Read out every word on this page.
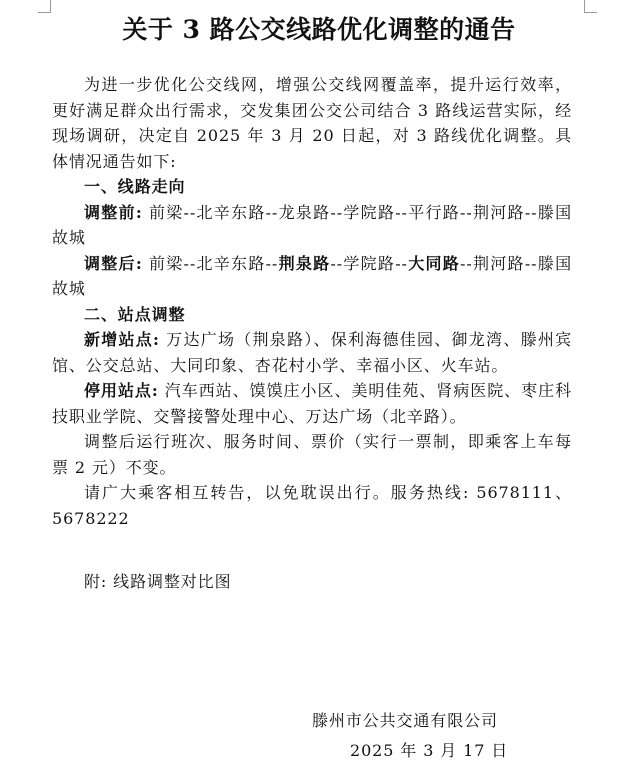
关于 3 路公交线路优化调整的通告

为进一步优化公交线网，增强公交线网覆盖率，提升运行效率，更好满足群众出行需求，交发集团公交公司结合 3 路线运营实际，经现场调研，决定自 2025 年 3 月 20 日起，对 3 路线优化调整。具体情况通告如下:

一、线路走向

调整前: 前梁--北辛东路--龙泉路--学院路--平行路--荆河路--滕国故城

调整后: 前梁--北辛东路--荆泉路--学院路--大同路--荆河路--滕国故城

二、站点调整

新增站点: 万达广场（荆泉路）、保利海德佳园、御龙湾、滕州宾馆、公交总站、大同印象、杏花村小学、幸福小区、火车站。

停用站点: 汽车西站、馍馍庄小区、美明佳苑、肾病医院、枣庄科技职业学院、交警接警处理中心、万达广场（北辛路）。

调整后运行班次、服务时间、票价（实行一票制，即乘客上车每票 2 元）不变。

请广大乘客相互转告，以免耽误出行。服务热线: 5678111、5678222

附: 线路调整对比图

滕州市公共交通有限公司
2025 年 3 月 17 日
